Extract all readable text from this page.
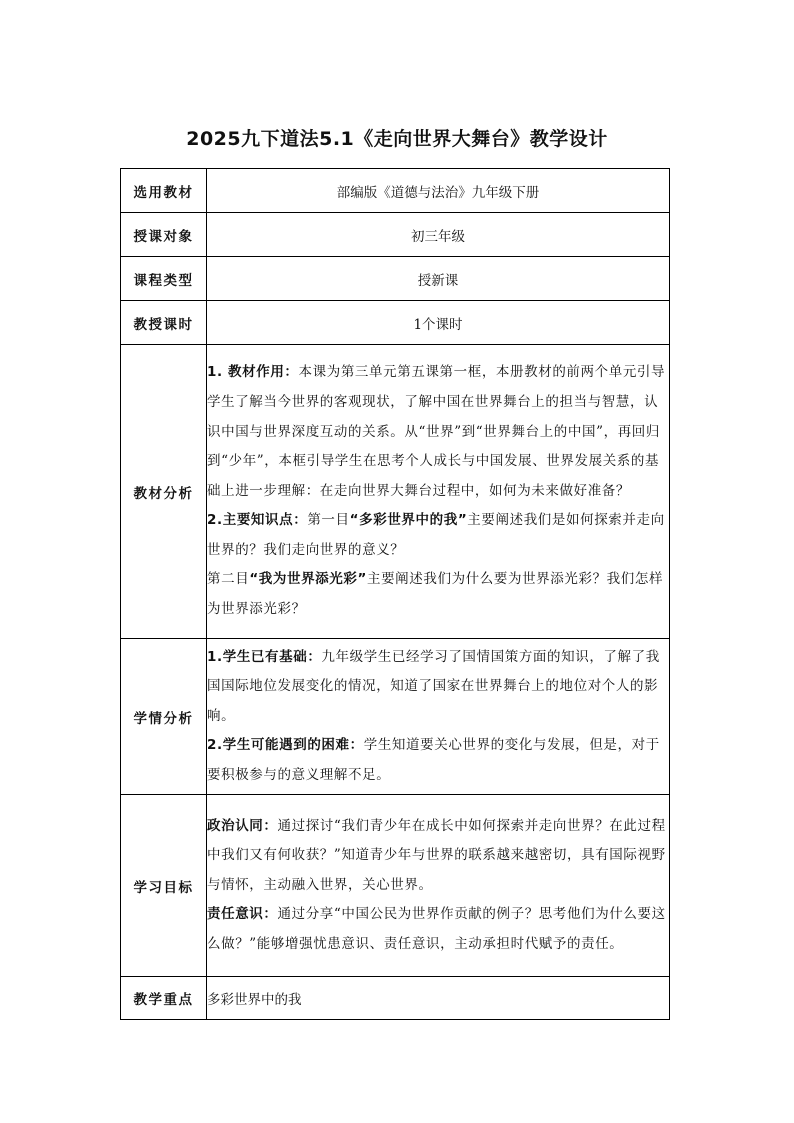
2025九下道法5.1《走向世界大舞台》教学设计
选用教材	部编版《道德与法治》九年级下册
授课对象	初三年级
课程类型	授新课
教授课时	1个课时
教材分析	1. 教材作用：本课为第三单元第五课第一框，本册教材的前两个单元引导学生了解当今世界的客观现状，了解中国在世界舞台上的担当与智慧，认识中国与世界深度互动的关系。从“世界”到“世界舞台上的中国”，再回归到“少年”，本框引导学生在思考个人成长与中国发展、世界发展关系的基础上进一步理解：在走向世界大舞台过程中，如何为未来做好准备？
2.主要知识点：第一目“多彩世界中的我”主要阐述我们是如何探索并走向世界的？我们走向世界的意义？
第二目“我为世界添光彩”主要阐述我们为什么要为世界添光彩？我们怎样为世界添光彩？

学情分析	1.学生已有基础：九年级学生已经学习了国情国策方面的知识，了解了我国国际地位发展变化的情况，知道了国家在世界舞台上的地位对个人的影响。
2.学生可能遇到的困难：学生知道要关心世界的变化与发展，但是，对于要积极参与的意义理解不足。

学习目标	政治认同：通过探讨“我们青少年在成长中如何探索并走向世界？在此过程中我们又有何收获？”知道青少年与世界的联系越来越密切，具有国际视野与情怀，主动融入世界，关心世界。
责任意识：通过分享“中国公民为世界作贡献的例子？思考他们为什么要这么做？”能够增强忧患意识、责任意识，主动承担时代赋予的责任。

教学重点	多彩世界中的我
